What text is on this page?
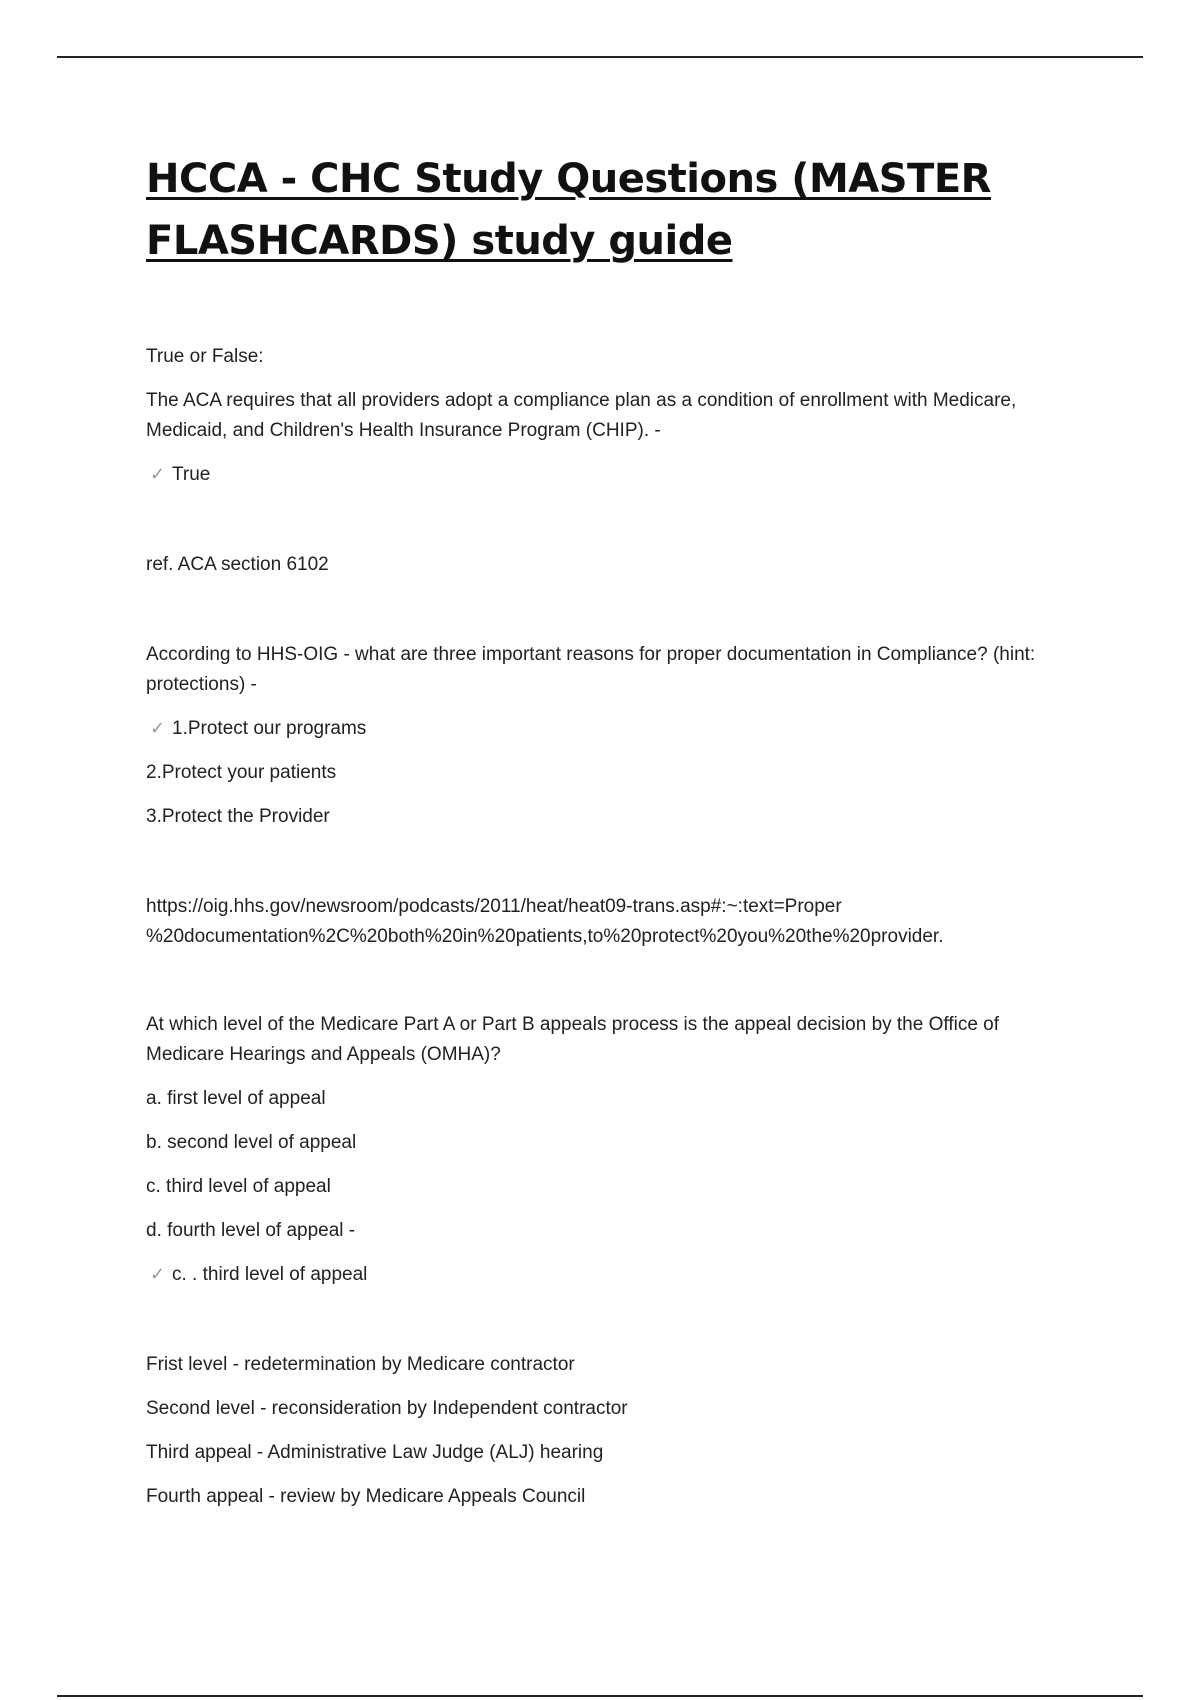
HCCA - CHC Study Questions (MASTER
FLASHCARDS) study guide

True or False:

The ACA requires that all providers adopt a compliance plan as a condition of enrollment with Medicare, Medicaid, and Children's Health Insurance Program (CHIP). -

✓ True

ref. ACA section 6102

According to HHS-OIG - what are three important reasons for proper documentation in Compliance? (hint: protections) -

✓ 1.Protect our programs

2.Protect your patients

3.Protect the Provider

https://oig.hhs.gov/newsroom/podcasts/2011/heat/heat09-trans.asp#:~:text=Proper
%20documentation%2C%20both%20in%20patients,to%20protect%20you%20the%20provider.

At which level of the Medicare Part A or Part B appeals process is the appeal decision by the Office of Medicare Hearings and Appeals (OMHA)?

a. first level of appeal

b. second level of appeal

c. third level of appeal

d. fourth level of appeal -

✓ c. . third level of appeal

Frist level - redetermination by Medicare contractor

Second level - reconsideration by Independent contractor

Third appeal - Administrative Law Judge (ALJ) hearing

Fourth appeal - review by Medicare Appeals Council
